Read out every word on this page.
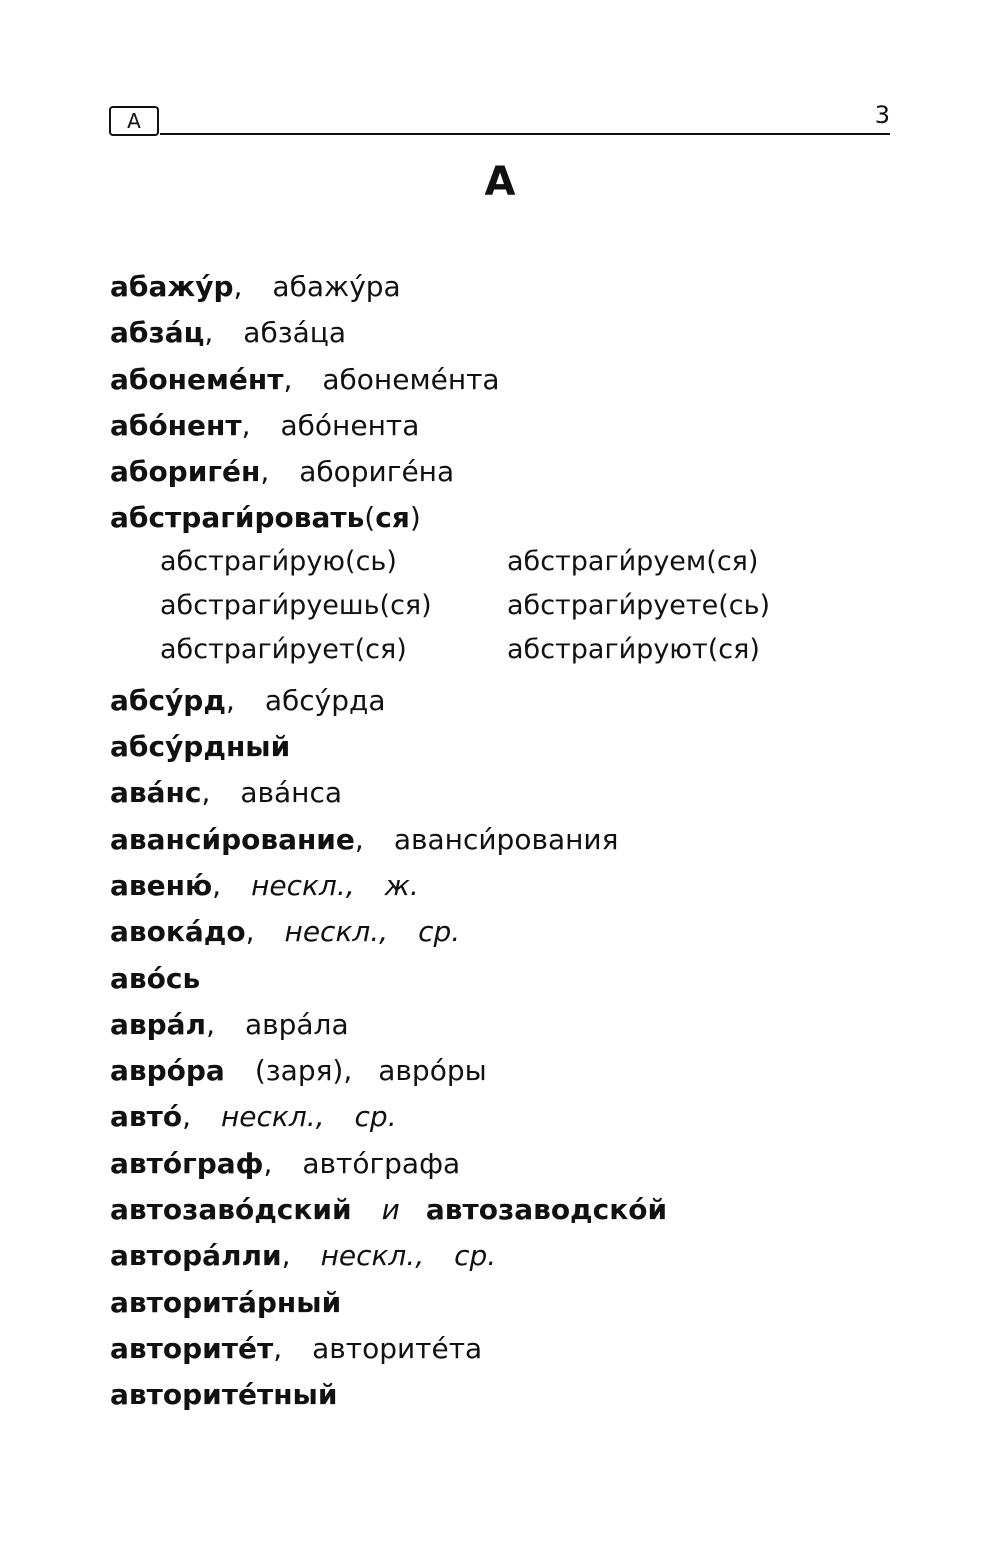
А	3
А
абажу́р, абажу́ра
абза́ц, абза́ца
абонеме́нт, абонеме́нта
або́нент, або́нента
абориге́н, абориге́на
абстраги́ровать(ся)
абстраги́рую(сь)	абстраги́руем(ся)
абстраги́руешь(ся)	абстраги́руете(сь)
абстраги́рует(ся)	абстраги́руют(ся)
абсу́рд, абсу́рда
абсу́рдный
ава́нс, ава́нса
аванси́рование, аванси́рования
авеню́, нескл., ж.
авока́до, нескл., ср.
аво́сь
авра́л, авра́ла
авро́ра (заря), авро́ры
авто́, нескл., ср.
авто́граф, авто́графа
автозаво́дский и автозаводско́й
автора́лли, нескл., ср.
авторита́рный
авторите́т, авторите́та
авторите́тный
